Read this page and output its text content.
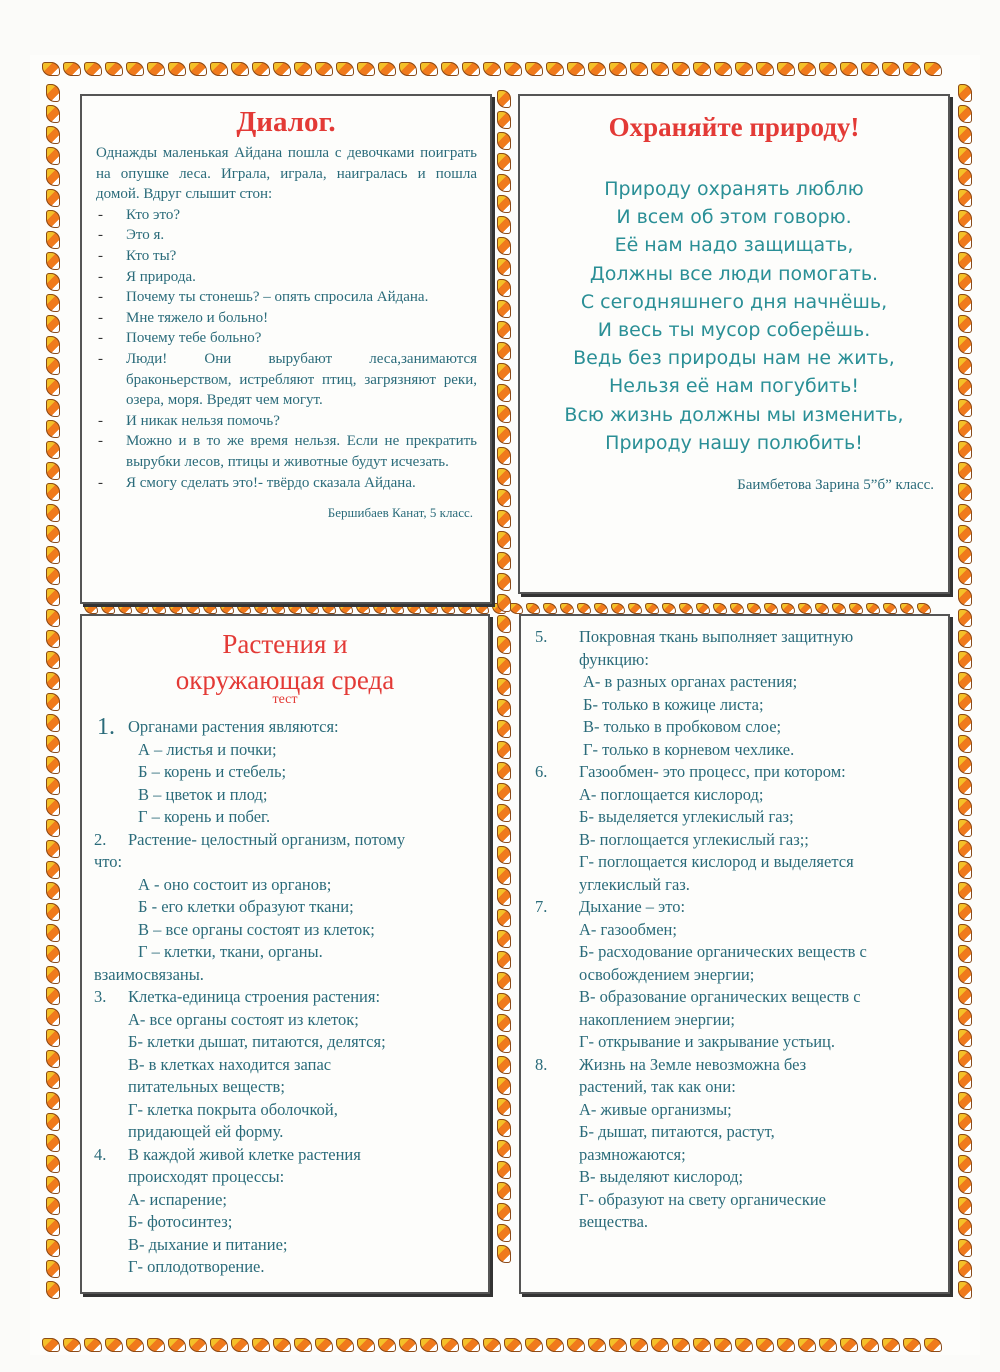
Диалог.

Однажды маленькая Айдана пошла с девочками поиграть на опушке леса. Играла, играла, наигралась и пошла домой. Вдруг слышит стон:

- Кто это?
- Это я.
- Кто ты?
- Я природа.
- Почему ты стонешь? – опять спросила Айдана.
- Мне тяжело и больно!
- Почему тебе больно?
- Люди! Они вырубают леса,занимаются браконьерством, истребляют птиц, загрязняют реки, озера, моря. Вредят чем могут.
- И никак нельзя помочь?
- Можно и в то же время нельзя. Если не прекратить вырубки лесов, птицы и животные будут исчезать.
- Я смогу сделать это!- твёрдо сказала Айдана.
Бершибаев Канат, 5 класс.
Охраняйте природу!
Природу охранять люблю
И всем об этом говорю.
Её нам надо защищать,
Должны все люди помогать.
С сегодняшнего дня начнёшь,
И весь ты мусор соберёшь.
Ведь без природы нам не жить,
Нельзя её нам погубить!
Всю жизнь должны мы изменить,
Природу нашу полюбить!
Баимбетова Зарина 5”б” класс.
Растения и
окружающая среда
тест
1. Органами растения являются:
А – листья и почки;
Б – корень и стебель;
В – цветок и плод;
Г – корень и побег.
2. Растение- целостный организм, потому
что:
А - оно состоит из органов;
Б - его клетки образуют ткани;
В – все органы состоят из клеток;
Г – клетки, ткани, органы.
взаимосвязаны.
3. Клетка-единица строения растения:
А- все органы состоят из клеток;
Б- клетки дышат, питаются, делятся;
В- в клетках находится запас питательных веществ;
Г- клетка покрыта оболочкой, придающей ей форму.
4. В каждой живой клетке растения происходят процессы:
А- испарение;
Б- фотосинтез;
В- дыхание и питание;
Г- оплодотворение.
5. Покровная ткань выполняет защитную функцию:
А- в разных органах растения;
Б- только в кожице листа;
В- только в пробковом слое;
Г- только в корневом чехлике.
6. Газообмен- это процесс, при котором:
А- поглощается кислород;
Б- выделяется углекислый газ;
В- поглощается углекислый газ;;
Г- поглощается кислород и выделяется углекислый газ.
7. Дыхание – это:
А- газообмен;
Б- расходование органических веществ с освобождением энергии;
В- образование органических веществ с накоплением энергии;
Г- открывание и закрывание устьиц.
8. Жизнь на Земле невозможна без растений, так как они:
А- живые организмы;
Б- дышат, питаются, растут, размножаются;
В- выделяют кислород;
Г- образуют на свету органические вещества.
